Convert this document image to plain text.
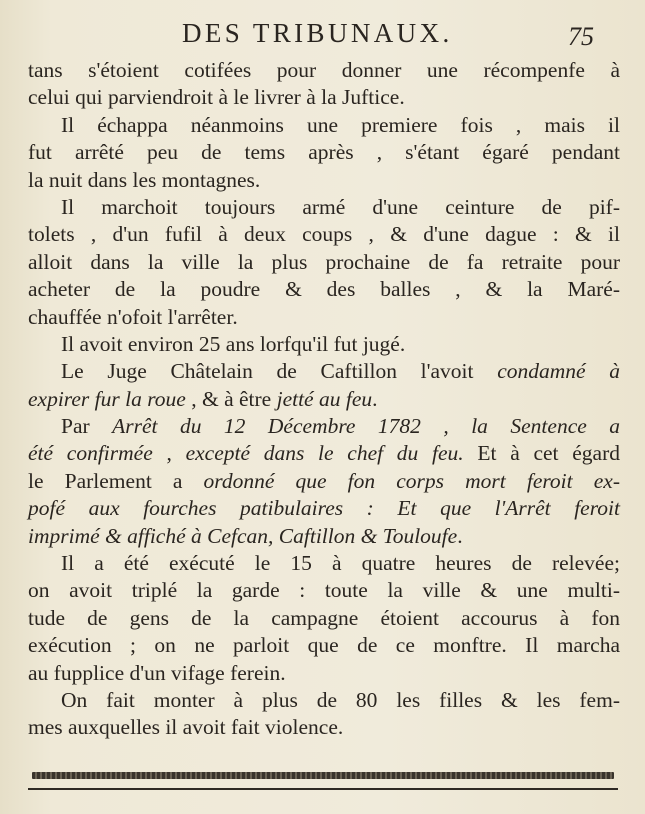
DES TRIBUNAUX.	75
tans s'étoient cotifées pour donner une récompenfe à
celui qui parviendroit à le livrer à la Juftice.
Il échappa néanmoins une premiere fois , mais il
fut arrêté peu de tems après , s'étant égaré pendant
la nuit dans les montagnes.
Il marchoit toujours armé d'une ceinture de pif-
tolets , d'un fufil à deux coups , & d'une dague : & il
alloit dans la ville la plus prochaine de fa retraite pour
acheter de la poudre & des balles , & la Maré-
chauffée n'ofoit l'arrêter.
Il avoit environ 25 ans lorfqu'il fut jugé.
Le Juge Châtelain de Caftillon l'avoit condamné à
expirer fur la roue , & à être jetté au feu.
Par Arrêt du 12 Décembre 1782 , la Sentence a
été confirmée , excepté dans le chef du feu. Et à cet égard
le Parlement a ordonné que fon corps mort feroit ex-
pofé aux fourches patibulaires : Et que l'Arrêt feroit
imprimé & affiché à Cefcan, Caftillon & Touloufe.
Il a été exécuté le 15 à quatre heures de relevée;
on avoit triplé la garde : toute la ville & une multi-
tude de gens de la campagne étoient accourus à fon
exécution ; on ne parloit que de ce monftre. Il marcha
au fupplice d'un vifage ferein.
On fait monter à plus de 80 les filles & les fem-
mes auxquelles il avoit fait violence.
